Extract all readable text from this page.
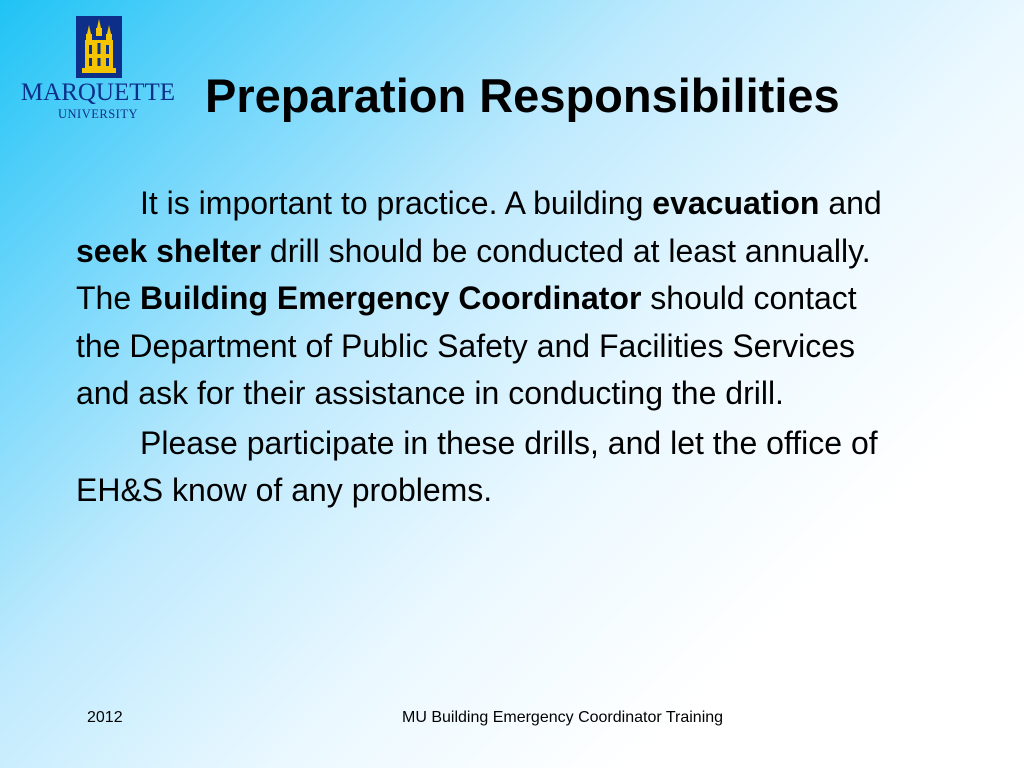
MARQUETTE
UNIVERSITY	Preparation Responsibilities

It is important to practice. A building evacuation and seek shelter drill should be conducted at least annually. The Building Emergency Coordinator should contact the Department of Public Safety and Facilities Services and ask for their assistance in conducting the drill.

Please participate in these drills, and let the office of EH&S know of any problems.

2012	MU Building Emergency Coordinator Training
